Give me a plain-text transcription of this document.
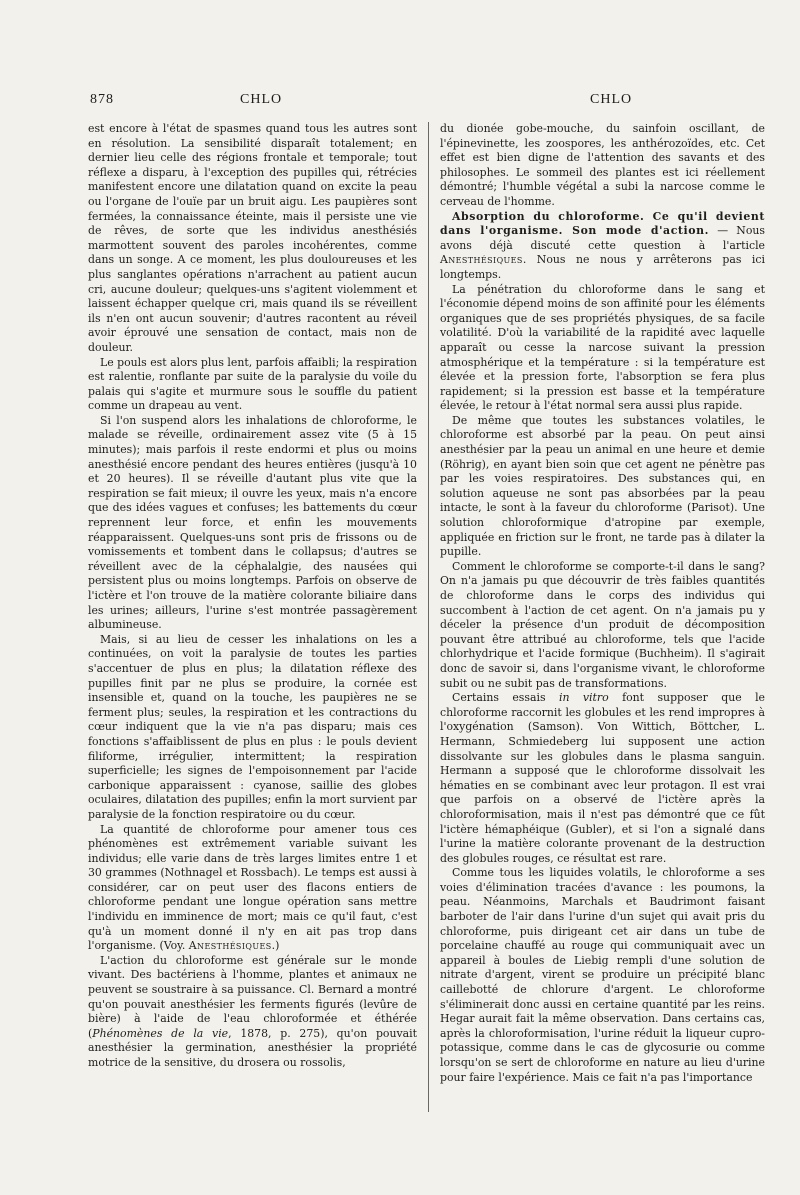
878	CHLO	CHLO

est encore à l'état de spasmes quand tous les autres sont en résolution. La sensibilité disparaît totalement; en dernier lieu celle des régions frontale et temporale; tout réflexe a disparu, à l'exception des pupilles qui, rétrécies manifestent encore une dilatation quand on excite la peau ou l'organe de l'ouïe par un bruit aigu. Les paupières sont fermées, la connaissance éteinte, mais il persiste une vie de rêves, de sorte que les individus anesthésiés marmottent souvent des paroles incohérentes, comme dans un songe. A ce moment, les plus douloureuses et les plus sanglantes opérations n'arrachent au patient aucun cri, aucune douleur; quelques-uns s'agitent violemment et laissent échapper quelque cri, mais quand ils se réveillent ils n'en ont aucun souvenir; d'autres racontent au réveil avoir éprouvé une sensation de contact, mais non de douleur.

Le pouls est alors plus lent, parfois affaibli; la respiration est ralentie, ronflante par suite de la paralysie du voile du palais qui s'agite et murmure sous le souffle du patient comme un drapeau au vent.

Si l'on suspend alors les inhalations de chloroforme, le malade se réveille, ordinairement assez vite (5 à 15 minutes); mais parfois il reste endormi et plus ou moins anesthésié encore pendant des heures entières (jusqu'à 10 et 20 heures). Il se réveille d'autant plus vite que la respiration se fait mieux; il ouvre les yeux, mais n'a encore que des idées vagues et confuses; les battements du cœur reprennent leur force, et enfin les mouvements réapparaissent. Quelques-uns sont pris de frissons ou de vomissements et tombent dans le collapsus; d'autres se réveillent avec de la céphalalgie, des nausées qui persistent plus ou moins longtemps. Parfois on observe de l'ictère et l'on trouve de la matière colorante biliaire dans les urines; ailleurs, l'urine s'est montrée passagèrement albumineuse.

Mais, si au lieu de cesser les inhalations on les a continuées, on voit la paralysie de toutes les parties s'accentuer de plus en plus; la dilatation réflexe des pupilles finit par ne plus se produire, la cornée est insensible et, quand on la touche, les paupières ne se ferment plus; seules, la respiration et les contractions du cœur indiquent que la vie n'a pas disparu; mais ces fonctions s'affaiblissent de plus en plus : le pouls devient filiforme, irrégulier, intermittent; la respiration superficielle; les signes de l'empoisonnement par l'acide carbonique apparaissent : cyanose, saillie des globes oculaires, dilatation des pupilles; enfin la mort survient par paralysie de la fonction respiratoire ou du cœur.

La quantité de chloroforme pour amener tous ces phénomènes est extrêmement variable suivant les individus; elle varie dans de très larges limites entre 1 et 30 grammes (Nothnagel et Rossbach). Le temps est aussi à considérer, car on peut user des flacons entiers de chloroforme pendant une longue opération sans mettre l'individu en imminence de mort; mais ce qu'il faut, c'est qu'à un moment donné il n'y en ait pas trop dans l'organisme. (Voy. Anesthésiques.)

L'action du chloroforme est générale sur le monde vivant. Des bactériens à l'homme, plantes et animaux ne peuvent se soustraire à sa puissance. Cl. Bernard a montré qu'on pouvait anesthésier les ferments figurés (levûre de bière) à l'aide de l'eau chloroformée et éthérée (Phénomènes de la vie, 1878, p. 275), qu'on pouvait anesthésier la germination, anesthésier la propriété motrice de la sensitive, du drosera ou rossolis,

du dionée gobe-mouche, du sainfoin oscillant, de l'épinevinette, les zoospores, les anthérozoïdes, etc. Cet effet est bien digne de l'attention des savants et des philosophes. Le sommeil des plantes est ici réellement démontré; l'humble végétal a subi la narcose comme le cerveau de l'homme.

Absorption du chloroforme. Ce qu'il devient dans l'organisme. Son mode d'action. — Nous avons déjà discuté cette question à l'article Anesthésiques. Nous ne nous y arrêterons pas ici longtemps.

La pénétration du chloroforme dans le sang et l'économie dépend moins de son affinité pour les éléments organiques que de ses propriétés physiques, de sa facile volatilité. D'où la variabilité de la rapidité avec laquelle apparaît ou cesse la narcose suivant la pression atmosphérique et la température : si la température est élevée et la pression forte, l'absorption se fera plus rapidement; si la pression est basse et la température élevée, le retour à l'état normal sera aussi plus rapide.

De même que toutes les substances volatiles, le chloroforme est absorbé par la peau. On peut ainsi anesthésier par la peau un animal en une heure et demie (Röhrig), en ayant bien soin que cet agent ne pénètre pas par les voies respiratoires. Des substances qui, en solution aqueuse ne sont pas absorbées par la peau intacte, le sont à la faveur du chloroforme (Parisot). Une solution chloroformique d'atropine par exemple, appliquée en friction sur le front, ne tarde pas à dilater la pupille.

Comment le chloroforme se comporte-t-il dans le sang? On n'a jamais pu que découvrir de très faibles quantités de chloroforme dans le corps des individus qui succombent à l'action de cet agent. On n'a jamais pu y déceler la présence d'un produit de décomposition pouvant être attribué au chloroforme, tels que l'acide chlorhydrique et l'acide formique (Buchheim). Il s'agirait donc de savoir si, dans l'organisme vivant, le chloroforme subit ou ne subit pas de transformations.

Certains essais in vitro font supposer que le chloroforme raccornit les globules et les rend impropres à l'oxygénation (Samson). Von Wittich, Böttcher, L. Hermann, Schmiedeberg lui supposent une action dissolvante sur les globules dans le plasma sanguin. Hermann a supposé que le chloroforme dissolvait les hématies en se combinant avec leur protagon. Il est vrai que parfois on a observé de l'ictère après la chloroformisation, mais il n'est pas démontré que ce fût l'ictère hémaphéique (Gubler), et si l'on a signalé dans l'urine la matière colorante provenant de la destruction des globules rouges, ce résultat est rare.

Comme tous les liquides volatils, le chloroforme a ses voies d'élimination tracées d'avance : les poumons, la peau. Néanmoins, Marchals et Baudrimont faisant barboter de l'air dans l'urine d'un sujet qui avait pris du chloroforme, puis dirigeant cet air dans un tube de porcelaine chauffé au rouge qui communiquait avec un appareil à boules de Liebig rempli d'une solution de nitrate d'argent, virent se produire un précipité blanc caillebotté de chlorure d'argent. Le chloroforme s'éliminerait donc aussi en certaine quantité par les reins. Hegar aurait fait la même observation. Dans certains cas, après la chloroformisation, l'urine réduit la liqueur cupro-potassique, comme dans le cas de glycosurie ou comme lorsqu'on se sert de chloroforme en nature au lieu d'urine pour faire l'expérience. Mais ce fait n'a pas l'importance
